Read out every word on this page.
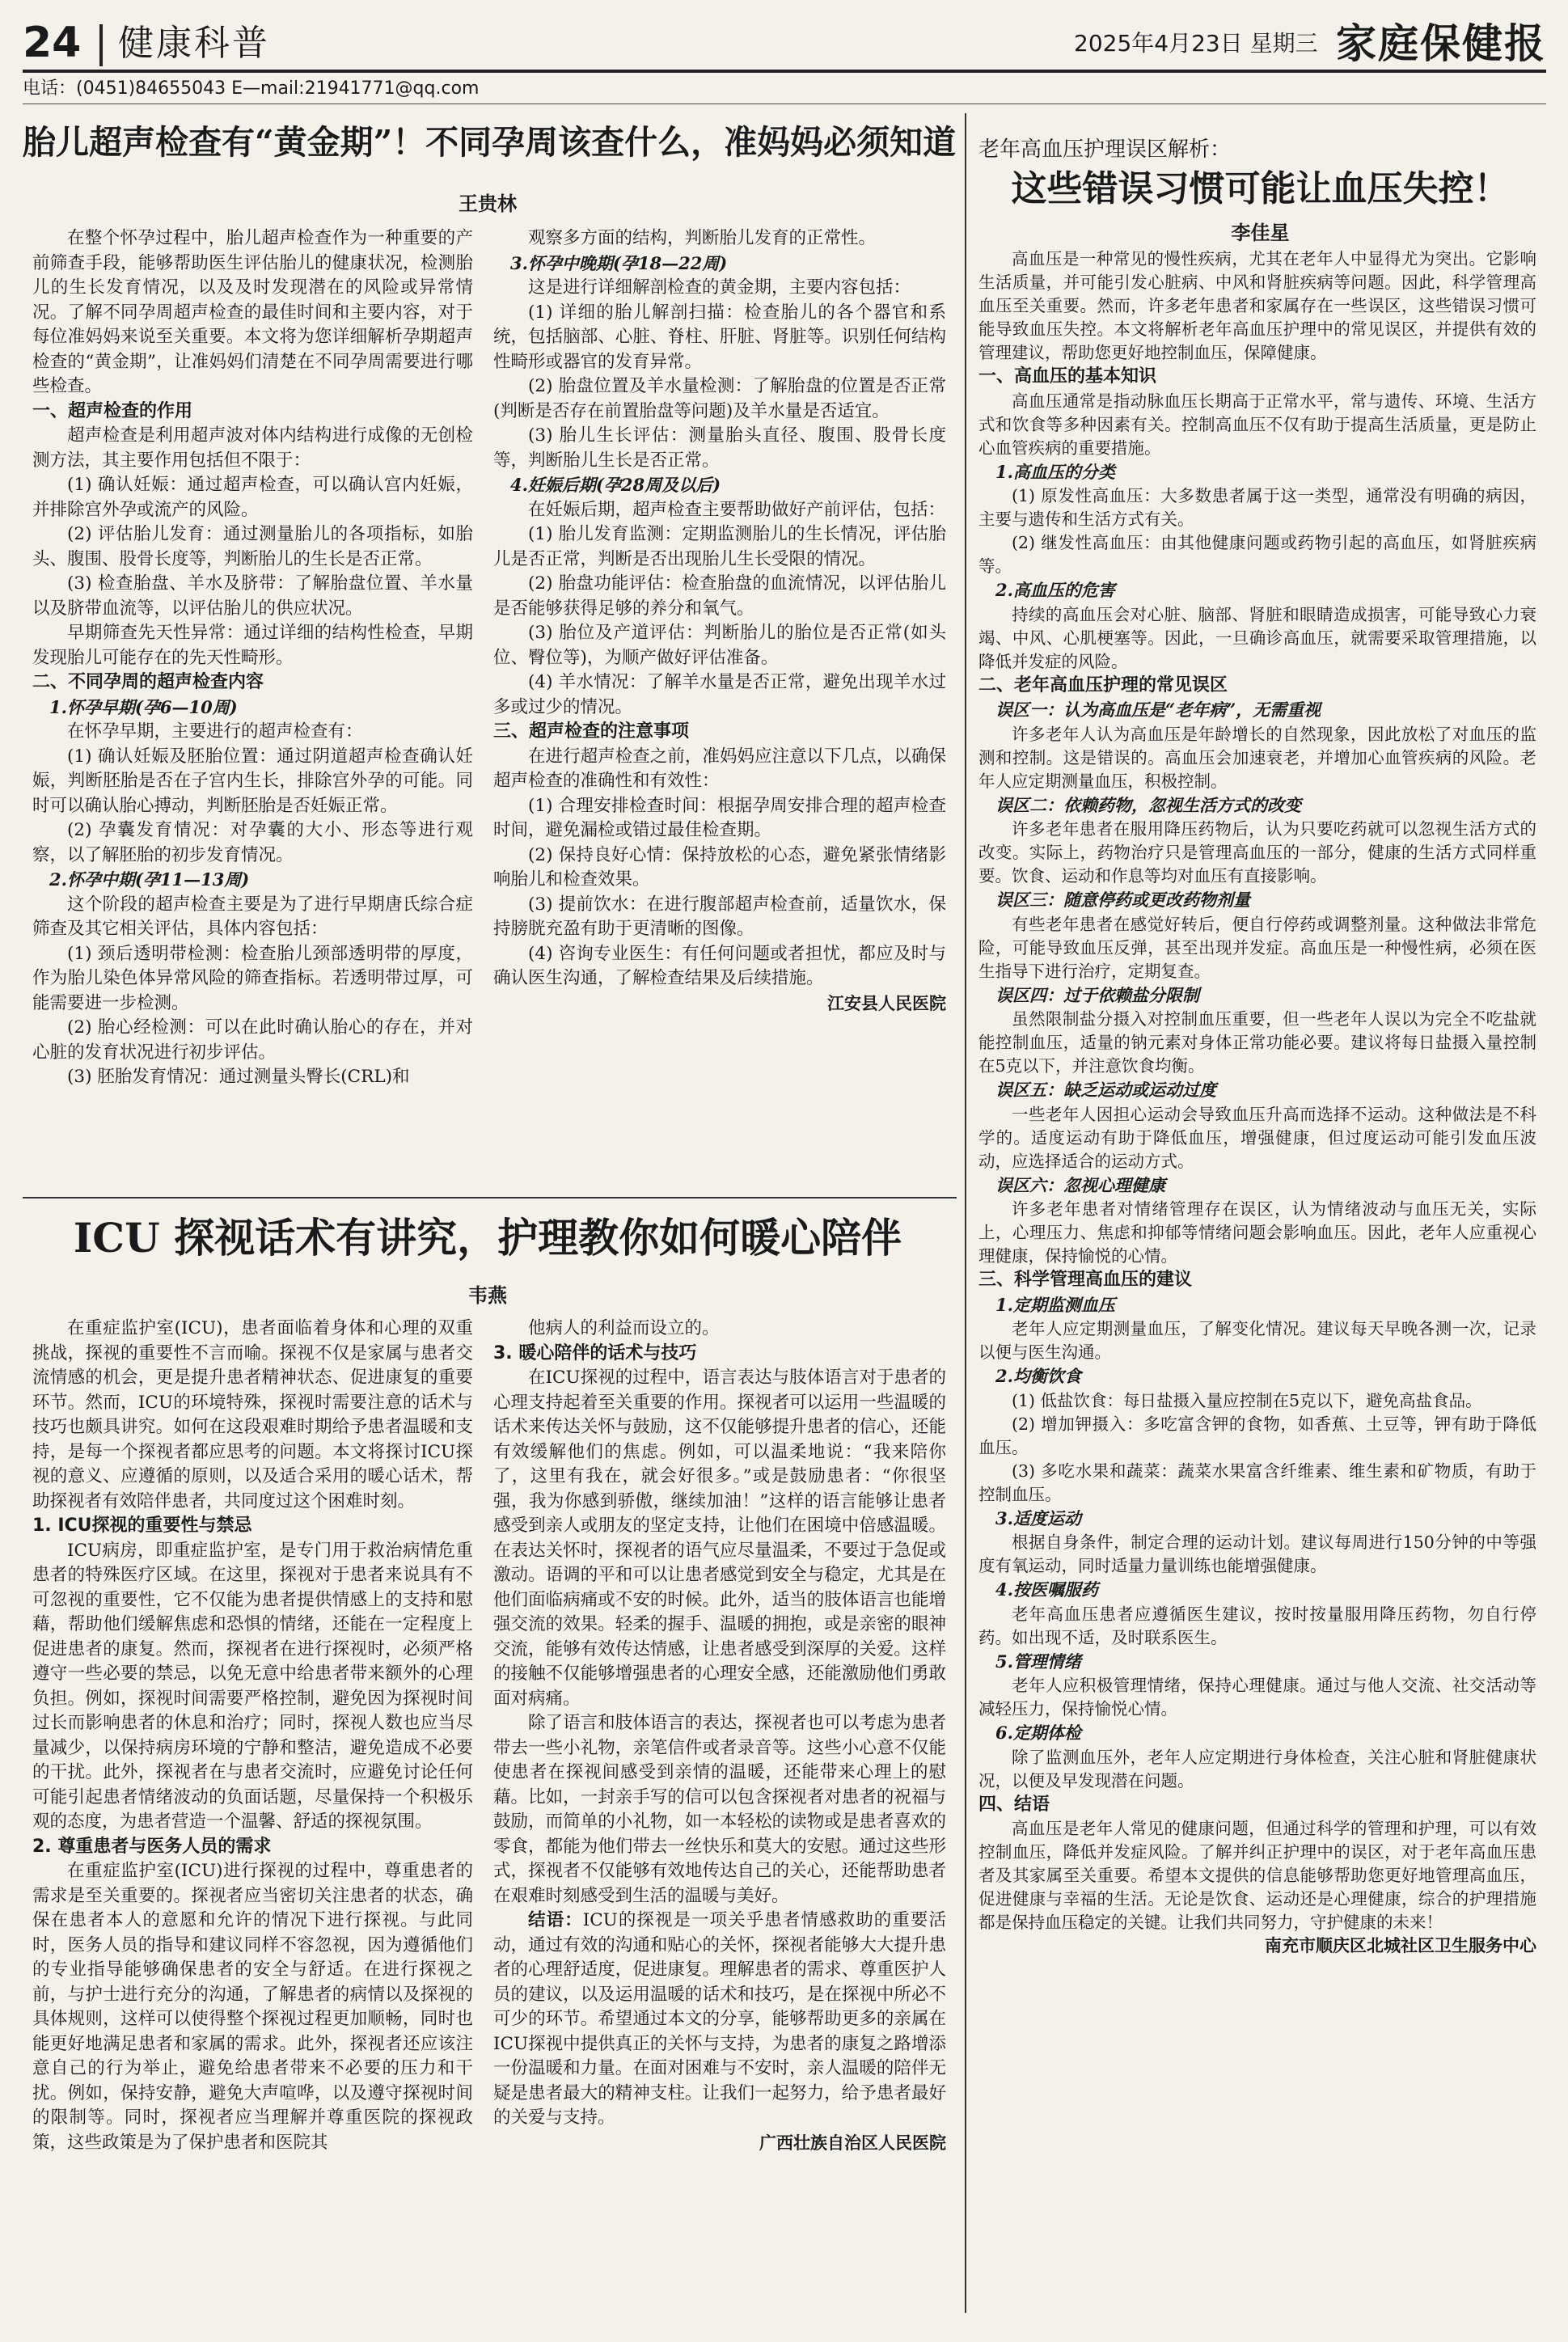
24 健康科普	2025年4月23日 星期三 家庭保健报
电话：(0451)84655043 E—mail:21941771@qq.com
胎儿超声检查有“黄金期”！不同孕周该查什么，准妈妈必须知道
王贵林

在整个怀孕过程中，胎儿超声检查作为一种重要的产前筛查手段，能够帮助医生评估胎儿的健康状况，检测胎儿的生长发育情况，以及及时发现潜在的风险或异常情况。了解不同孕周超声检查的最佳时间和主要内容，对于每位准妈妈来说至关重要。本文将为您详细解析孕期超声检查的“黄金期”，让准妈妈们清楚在不同孕周需要进行哪些检查。

一、超声检查的作用

超声检查是利用超声波对体内结构进行成像的无创检测方法，其主要作用包括但不限于：

(1) 确认妊娠：通过超声检查，可以确认宫内妊娠，并排除宫外孕或流产的风险。

(2) 评估胎儿发育：通过测量胎儿的各项指标，如胎头、腹围、股骨长度等，判断胎儿的生长是否正常。

(3) 检查胎盘、羊水及脐带：了解胎盘位置、羊水量以及脐带血流等，以评估胎儿的供应状况。

早期筛查先天性异常：通过详细的结构性检查，早期发现胎儿可能存在的先天性畸形。

二、不同孕周的超声检查内容
1.怀孕早期(孕6—10周)

在怀孕早期，主要进行的超声检查有：

(1) 确认妊娠及胚胎位置：通过阴道超声检查确认妊娠，判断胚胎是否在子宫内生长，排除宫外孕的可能。同时可以确认胎心搏动，判断胚胎是否妊娠正常。

(2) 孕囊发育情况：对孕囊的大小、形态等进行观察，以了解胚胎的初步发育情况。

2.怀孕中期(孕11—13周)

这个阶段的超声检查主要是为了进行早期唐氏综合症筛查及其它相关评估，具体内容包括：

(1) 颈后透明带检测：检查胎儿颈部透明带的厚度，作为胎儿染色体异常风险的筛查指标。若透明带过厚，可能需要进一步检测。

(2) 胎心经检测：可以在此时确认胎心的存在，并对心脏的发育状况进行初步评估。

(3) 胚胎发育情况：通过测量头臀长(CRL)和

观察多方面的结构，判断胎儿发育的正常性。

3.怀孕中晚期(孕18—22周)

这是进行详细解剖检查的黄金期，主要内容包括：

(1) 详细的胎儿解剖扫描：检查胎儿的各个器官和系统，包括脑部、心脏、脊柱、肝脏、肾脏等。识别任何结构性畸形或器官的发育异常。

(2) 胎盘位置及羊水量检测：了解胎盘的位置是否正常(判断是否存在前置胎盘等问题)及羊水量是否适宜。

(3) 胎儿生长评估：测量胎头直径、腹围、股骨长度等，判断胎儿生长是否正常。

4.妊娠后期(孕28周及以后)

在妊娠后期，超声检查主要帮助做好产前评估，包括：

(1) 胎儿发育监测：定期监测胎儿的生长情况，评估胎儿是否正常，判断是否出现胎儿生长受限的情况。

(2) 胎盘功能评估：检查胎盘的血流情况，以评估胎儿是否能够获得足够的养分和氧气。

(3) 胎位及产道评估：判断胎儿的胎位是否正常(如头位、臀位等)，为顺产做好评估准备。

(4) 羊水情况：了解羊水量是否正常，避免出现羊水过多或过少的情况。

三、超声检查的注意事项

在进行超声检查之前，准妈妈应注意以下几点，以确保超声检查的准确性和有效性：

(1) 合理安排检查时间：根据孕周安排合理的超声检查时间，避免漏检或错过最佳检查期。

(2) 保持良好心情：保持放松的心态，避免紧张情绪影响胎儿和检查效果。

(3) 提前饮水：在进行腹部超声检查前，适量饮水，保持膀胱充盈有助于更清晰的图像。

(4) 咨询专业医生：有任何问题或者担忧，都应及时与确认医生沟通，了解检查结果及后续措施。

江安县人民医院

ICU 探视话术有讲究，护理教你如何暖心陪伴
韦燕

在重症监护室(ICU)，患者面临着身体和心理的双重挑战，探视的重要性不言而喻。探视不仅是家属与患者交流情感的机会，更是提升患者精神状态、促进康复的重要环节。然而，ICU的环境特殊，探视时需要注意的话术与技巧也颇具讲究。如何在这段艰难时期给予患者温暖和支持，是每一个探视者都应思考的问题。本文将探讨ICU探视的意义、应遵循的原则，以及适合采用的暖心话术，帮助探视者有效陪伴患者，共同度过这个困难时刻。

1. ICU探视的重要性与禁忌

ICU病房，即重症监护室，是专门用于救治病情危重患者的特殊医疗区域。在这里，探视对于患者来说具有不可忽视的重要性，它不仅能为患者提供情感上的支持和慰藉，帮助他们缓解焦虑和恐惧的情绪，还能在一定程度上促进患者的康复。然而，探视者在进行探视时，必须严格遵守一些必要的禁忌，以免无意中给患者带来额外的心理负担。例如，探视时间需要严格控制，避免因为探视时间过长而影响患者的休息和治疗；同时，探视人数也应当尽量减少，以保持病房环境的宁静和整洁，避免造成不必要的干扰。此外，探视者在与患者交流时，应避免讨论任何可能引起患者情绪波动的负面话题，尽量保持一个积极乐观的态度，为患者营造一个温馨、舒适的探视氛围。

2. 尊重患者与医务人员的需求

在重症监护室(ICU)进行探视的过程中，尊重患者的需求是至关重要的。探视者应当密切关注患者的状态，确保在患者本人的意愿和允许的情况下进行探视。与此同时，医务人员的指导和建议同样不容忽视，因为遵循他们的专业指导能够确保患者的安全与舒适。在进行探视之前，与护士进行充分的沟通，了解患者的病情以及探视的具体规则，这样可以使得整个探视过程更加顺畅，同时也能更好地满足患者和家属的需求。此外，探视者还应该注意自己的行为举止，避免给患者带来不必要的压力和干扰。例如，保持安静，避免大声喧哗，以及遵守探视时间的限制等。同时，探视者应当理解并尊重医院的探视政策，这些政策是为了保护患者和医院其

他病人的利益而设立的。

3. 暖心陪伴的话术与技巧

在ICU探视的过程中，语言表达与肢体语言对于患者的心理支持起着至关重要的作用。探视者可以运用一些温暖的话术来传达关怀与鼓励，这不仅能够提升患者的信心，还能有效缓解他们的焦虑。例如，可以温柔地说：“我来陪你了，这里有我在，就会好很多。”或是鼓励患者：“你很坚强，我为你感到骄傲，继续加油！”这样的语言能够让患者感受到亲人或朋友的坚定支持，让他们在困境中倍感温暖。在表达关怀时，探视者的语气应尽量温柔，不要过于急促或激动。语调的平和可以让患者感觉到安全与稳定，尤其是在他们面临病痛或不安的时候。此外，适当的肢体语言也能增强交流的效果。轻柔的握手、温暖的拥抱，或是亲密的眼神交流，能够有效传达情感，让患者感受到深厚的关爱。这样的接触不仅能够增强患者的心理安全感，还能激励他们勇敢面对病痛。

除了语言和肢体语言的表达，探视者也可以考虑为患者带去一些小礼物，亲笔信件或者录音等。这些小心意不仅能使患者在探视间感受到亲情的温暖，还能带来心理上的慰藉。比如，一封亲手写的信可以包含探视者对患者的祝福与鼓励，而简单的小礼物，如一本轻松的读物或是患者喜欢的零食，都能为他们带去一丝快乐和莫大的安慰。通过这些形式，探视者不仅能够有效地传达自己的关心，还能帮助患者在艰难时刻感受到生活的温暖与美好。

结语：ICU的探视是一项关乎患者情感救助的重要活动，通过有效的沟通和贴心的关怀，探视者能够大大提升患者的心理舒适度，促进康复。理解患者的需求、尊重医护人员的建议，以及运用温暖的话术和技巧，是在探视中所必不可少的环节。希望通过本文的分享，能够帮助更多的亲属在ICU探视中提供真正的关怀与支持，为患者的康复之路增添一份温暖和力量。在面对困难与不安时，亲人温暖的陪伴无疑是患者最大的精神支柱。让我们一起努力，给予患者最好的关爱与支持。

广西壮族自治区人民医院

老年高血压护理误区解析：
这些错误习惯可能让血压失控！
李佳星

高血压是一种常见的慢性疾病，尤其在老年人中显得尤为突出。它影响生活质量，并可能引发心脏病、中风和肾脏疾病等问题。因此，科学管理高血压至关重要。然而，许多老年患者和家属存在一些误区，这些错误习惯可能导致血压失控。本文将解析老年高血压护理中的常见误区，并提供有效的管理建议，帮助您更好地控制血压，保障健康。

一、高血压的基本知识

高血压通常是指动脉血压长期高于正常水平，常与遗传、环境、生活方式和饮食等多种因素有关。控制高血压不仅有助于提高生活质量，更是防止心血管疾病的重要措施。

1.高血压的分类

(1) 原发性高血压：大多数患者属于这一类型，通常没有明确的病因，主要与遗传和生活方式有关。

(2) 继发性高血压：由其他健康问题或药物引起的高血压，如肾脏疾病等。

2.高血压的危害

持续的高血压会对心脏、脑部、肾脏和眼睛造成损害，可能导致心力衰竭、中风、心肌梗塞等。因此，一旦确诊高血压，就需要采取管理措施，以降低并发症的风险。

二、老年高血压护理的常见误区
误区一：认为高血压是“老年病”，无需重视

许多老年人认为高血压是年龄增长的自然现象，因此放松了对血压的监测和控制。这是错误的。高血压会加速衰老，并增加心血管疾病的风险。老年人应定期测量血压，积极控制。

误区二：依赖药物，忽视生活方式的改变

许多老年患者在服用降压药物后，认为只要吃药就可以忽视生活方式的改变。实际上，药物治疗只是管理高血压的一部分，健康的生活方式同样重要。饮食、运动和作息等均对血压有直接影响。

误区三：随意停药或更改药物剂量

有些老年患者在感觉好转后，便自行停药或调整剂量。这种做法非常危险，可能导致血压反弹，甚至出现并发症。高血压是一种慢性病，必须在医生指导下进行治疗，定期复查。

误区四：过于依赖盐分限制

虽然限制盐分摄入对控制血压重要，但一些老年人误以为完全不吃盐就能控制血压，适量的钠元素对身体正常功能必要。建议将每日盐摄入量控制在5克以下，并注意饮食均衡。

误区五：缺乏运动或运动过度

一些老年人因担心运动会导致血压升高而选择不运动。这种做法是不科学的。适度运动有助于降低血压，增强健康，但过度运动可能引发血压波动，应选择适合的运动方式。

误区六：忽视心理健康

许多老年患者对情绪管理存在误区，认为情绪波动与血压无关，实际上，心理压力、焦虑和抑郁等情绪问题会影响血压。因此，老年人应重视心理健康，保持愉悦的心情。

三、科学管理高血压的建议
1.定期监测血压

老年人应定期测量血压，了解变化情况。建议每天早晚各测一次，记录以便与医生沟通。

2.均衡饮食

(1) 低盐饮食：每日盐摄入量应控制在5克以下，避免高盐食品。

(2) 增加钾摄入：多吃富含钾的食物，如香蕉、土豆等，钾有助于降低血压。

(3) 多吃水果和蔬菜：蔬菜水果富含纤维素、维生素和矿物质，有助于控制血压。

3.适度运动

根据自身条件，制定合理的运动计划。建议每周进行150分钟的中等强度有氧运动，同时适量力量训练也能增强健康。

4.按医嘱服药

老年高血压患者应遵循医生建议，按时按量服用降压药物，勿自行停药。如出现不适，及时联系医生。

5.管理情绪

老年人应积极管理情绪，保持心理健康。通过与他人交流、社交活动等减轻压力，保持愉悦心情。

6.定期体检

除了监测血压外，老年人应定期进行身体检查，关注心脏和肾脏健康状况，以便及早发现潜在问题。

四、结语

高血压是老年人常见的健康问题，但通过科学的管理和护理，可以有效控制血压，降低并发症风险。了解并纠正护理中的误区，对于老年高血压患者及其家属至关重要。希望本文提供的信息能够帮助您更好地管理高血压，促进健康与幸福的生活。无论是饮食、运动还是心理健康，综合的护理措施都是保持血压稳定的关键。让我们共同努力，守护健康的未来！

南充市顺庆区北城社区卫生服务中心
